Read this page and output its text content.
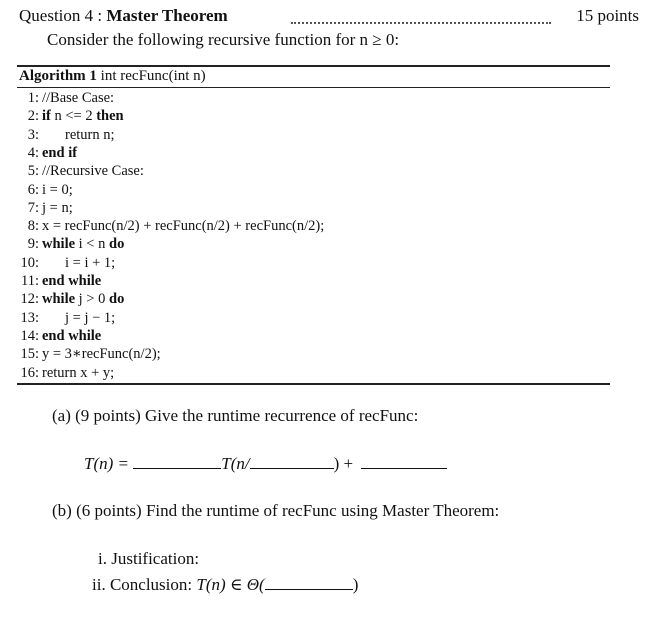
Question 4 : Master Theorem	15 points
Consider the following recursive function for n ≥ 0:
Algorithm 1 int recFunc(int n)
1: //Base Case:
2: if n <= 2 then
3: return n;
4: end if
5: //Recursive Case:
6: i = 0;
7: j = n;
8: x = recFunc(n/2) + recFunc(n/2) + recFunc(n/2);
9: while i < n do
10: i = i + 1;
11: end while
12: while j > 0 do
13: j = j − 1;
14: end while
15: y = 3∗recFunc(n/2);
16: return x + y;
(a) (9 points) Give the runtime recurrence of recFunc:
T(n) =	T(n/	) +
(b) (6 points) Find the runtime of recFunc using Master Theorem:
i. Justification:
ii. Conclusion: T(n) ∈ Θ(	)
